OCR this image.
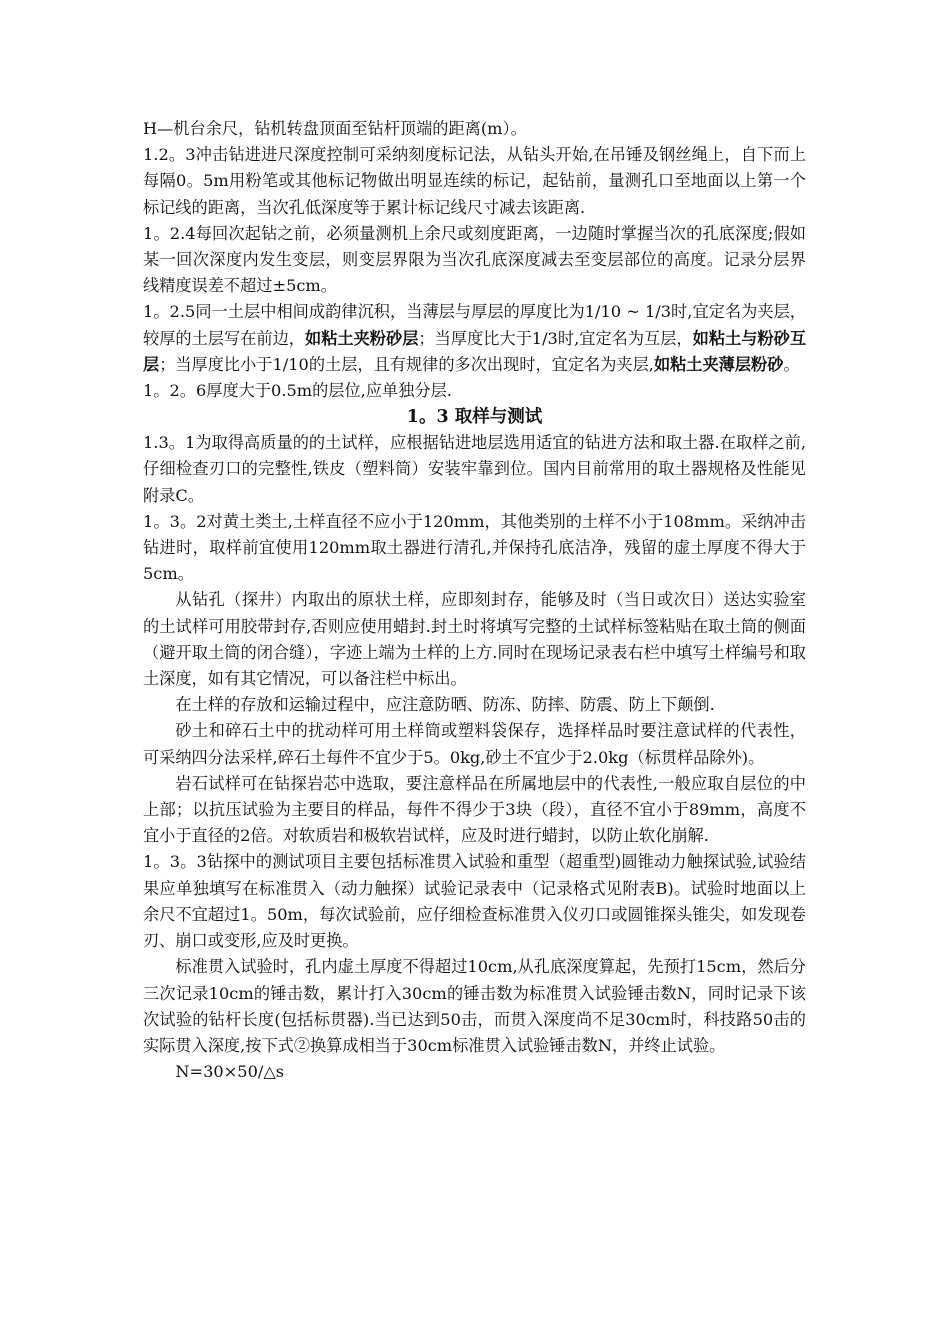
H—机台余尺，钻机转盘顶面至钻杆顶端的距离(m）。

1.2。3冲击钻进进尺深度控制可采纳刻度标记法，从钻头开始,在吊锤及钢丝绳上，自下而上每隔0。5m用粉笔或其他标记物做出明显连续的标记，起钻前，量测孔口至地面以上第一个标记线的距离，当次孔低深度等于累计标记线尺寸减去该距离.

1。2.4每回次起钻之前，必须量测机上余尺或刻度距离，一边随时掌握当次的孔底深度;假如某一回次深度内发生变层，则变层界限为当次孔底深度减去至变层部位的高度。记录分层界线精度误差不超过±5cm。

1。2.5同一土层中相间成韵律沉积，当薄层与厚层的厚度比为1/10 ~ 1/3时,宜定名为夹层，较厚的土层写在前边，如粘土夹粉砂层；当厚度比大于1/3时,宜定名为互层，如粘土与粉砂互层；当厚度比小于1/10的土层，且有规律的多次出现时，宜定名为夹层,如粘土夹薄层粉砂。

1。2。6厚度大于0.5m的层位,应单独分层.

1。3 取样与测试

1.3。1为取得高质量的的土试样，应根据钻进地层选用适宜的钻进方法和取土器.在取样之前,仔细检查刃口的完整性,铁皮（塑料筒）安装牢靠到位。国内目前常用的取土器规格及性能见附录C。

1。3。2对黄土类土,土样直径不应小于120mm，其他类别的土样不小于108mm。采纳冲击钻进时，取样前宜使用120mm取土器进行清孔,并保持孔底洁净，残留的虚土厚度不得大于5cm。

从钻孔（探井）内取出的原状土样，应即刻封存，能够及时（当日或次日）送达实验室的土试样可用胶带封存,否则应使用蜡封.封土时将填写完整的土试样标签粘贴在取土筒的侧面（避开取土筒的闭合缝），字迹上端为土样的上方.同时在现场记录表右栏中填写土样编号和取土深度，如有其它情况，可以备注栏中标出。

在土样的存放和运输过程中，应注意防晒、防冻、防摔、防震、防上下颠倒.

砂土和碎石土中的扰动样可用土样筒或塑料袋保存，选择样品时要注意试样的代表性，可采纳四分法采样,碎石土每件不宜少于5。0kg,砂土不宜少于2.0kg（标贯样品除外)。

岩石试样可在钻探岩芯中选取，要注意样品在所属地层中的代表性,一般应取自层位的中上部；以抗压试验为主要目的样品，每件不得少于3块（段），直径不宜小于89mm，高度不宜小于直径的2倍。对软质岩和极软岩试样，应及时进行蜡封，以防止软化崩解.

1。3。3钻探中的测试项目主要包括标准贯入试验和重型（超重型)圆锥动力触探试验,试验结果应单独填写在标准贯入（动力触探）试验记录表中（记录格式见附表B)。试验时地面以上余尺不宜超过1。50m，每次试验前，应仔细检查标准贯入仪刃口或圆锥探头锥尖，如发现卷刃、崩口或变形,应及时更换。

标准贯入试验时，孔内虚土厚度不得超过10cm,从孔底深度算起，先预打15cm，然后分三次记录10cm的锤击数，累计打入30cm的锤击数为标准贯入试验锤击数N，同时记录下该次试验的钻杆长度(包括标贯器).当已达到50击，而贯入深度尚不足30cm时，科技路50击的实际贯入深度,按下式②换算成相当于30cm标准贯入试验锤击数N，并终止试验。

N=30×50/△s
